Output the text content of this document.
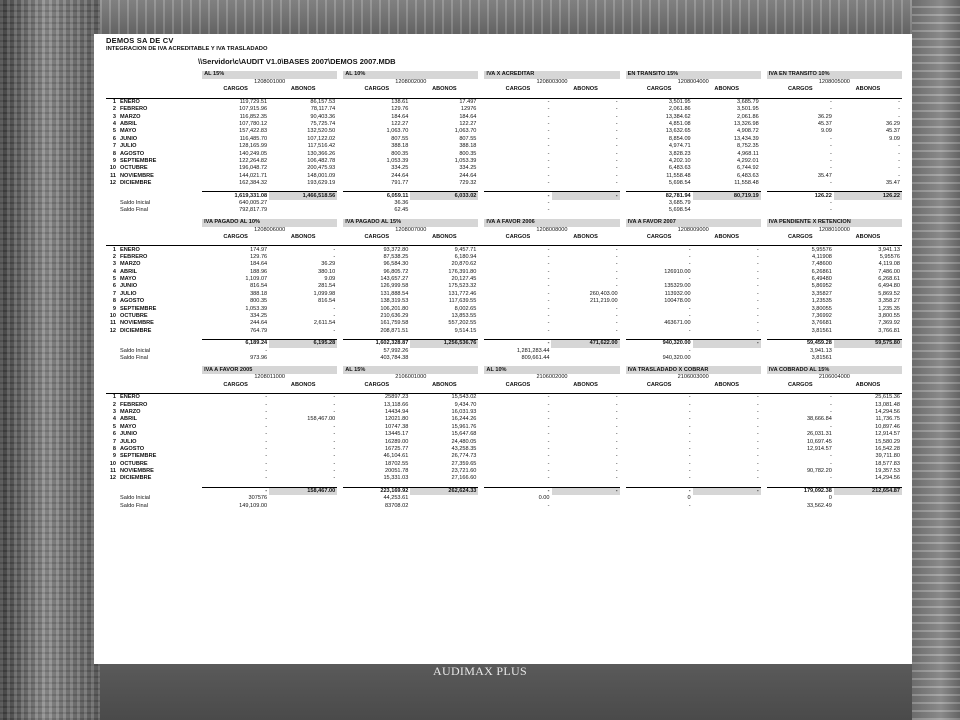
DEMOS SA DE CV
INTEGRACION DE IVA ACREDITABLE Y IVA TRASLADADO
\\Servidor\c\AUDIT V1.0\BASES 2007\DEMOS 2007.MDB
			AL 15%			AL 10%			IVA X ACREDITAR			EN TRANSITO 15%			IVA EN TRANSITO 10%	
			1208001000			1208002000			1208003000			1208004000			1208005000	
			CARGOS	ABONOS		CARGOS	ABONOS		CARGOS	ABONOS		CARGOS	ABONOS		CARGOS	ABONOS

1	ENERO		119,729.51	86,157.53		138.61	17.497		-	-		3,501.95	3,685.79		-	-
2	FEBRERO		107,915.96	78,117.74		129.76	12976		-	-		2,061.86	3,501.95		-	-
3	MARZO		116,852.35	90,403.36		184.64	184.64		-	-		13,384.62	2,061.86		36.29	-
4	ABRIL		107,780.12	75,725.74		122.27	122.27		-	-		4,851.08	13,326.98		45.37	36.29
5	MAYO		157,422.83	132,520.50		1,063.70	1,063.70		-	-		13,632.65	4,908.72		9.09	45.37
6	JUNIO		116,485.70	107,122.02		807.55	807.55		-	-		8,854.09	13,434.39		-	9.09
7	JULIO		128,165.99	117,516.42		388.18	388.18		-	-		4,974.71	8,752.35		-	-
8	AGOSTO		140,249.05	130,366.26		800.35	800.35		-	-		3,828.23	4,968.11		-	-
9	SEPTIEMBRE		122,264.82	106,482.78		1,053.39	1,053.39		-	-		4,202.10	4,292.01		-	-
10	OCTUBRE		196,048.72	200,475.93		334.25	334.25		-	-		6,483.63	6,744.92		-	-
11	NOVIEMBRE		144,021.71	148,001.09		244.64	244.64		-	-		11,558.48	6,483.63		35.47	-
12	DICIEMBRE		162,384.32	193,629.19		791.77	729.32		-	-		5,698.54	11,558.48		-	35.47

			1,619,331.08	1,466,518.56		6,059.11	6,033.02		-	-		82,781.94	80,719.19		126.22	126.22
	Saldo Inicial		640,005.27			36.36			-			3,685.79			-	
	Saldo Final		792,817.79			62.45			-			5,698.54			-	
			IVA PAGADO AL 10%			IVA PAGADO AL 15%			IVA A FAVOR 2006			IVA A FAVOR 2007			IVA PENDIENTE X RETENCION	
			1208006000			1208007000			1208008000			1208009000			1208010000	
			CARGOS	ABONOS		CARGOS	ABONOS		CARGOS	ABONOS		CARGOS	ABONOS		CARGOS	ABONOS

1	ENERO		174.97	-		93,372.80	9,457.71		-	-		-	-		5,95576	3,941.13
2	FEBRERO		129.76	-		87,538.25	6,180.94		-	-		-	-		4,11908	5,95576
3	MARZO		184.64	36.29		96,584.30	20,870.62		-	-		-	-		7,48600	4,119.08
4	ABRIL		188.96	380.10		96,805.72	176,391.80		-	-		126910.00	-		6,26861	7,486.00
5	MAYO		1,109.07	9.09		143,657.27	20,127.45		-	-		-	-		6,49480	6,268.61
6	JUNIO		816.54	281.54		126,999.58	175,523.32		-	-		135329.00	-		5,86952	6,494.80
7	JULIO		388.18	1,099.98		131,888.54	131,772.46		-	260,403.00		113932.00	-		3,35827	5,869.52
8	AGOSTO		800.35	816.54		138,319.53	117,639.55		-	211,219.00		100478.00	-		1,23535	3,358.27
9	SEPTIEMBRE		1,053.39	-		106,201.80	8,002.65		-	-		-	-		3,80055	1,235.35
10	OCTUBRE		334.25	-		210,636.29	13,853.55		-	-		-	-		7,36992	3,800.55
11	NOVIEMBRE		244.64	2,611.54		161,759.58	557,202.55		-	-		463671.00	-		3,76681	7,369.92
12	DICIEMBRE		764.79	-		208,871.51	9,514.15		-	-		-	-		3,81561	3,766.81

			6,189.24	6,195.28		1,602,328.87	1,256,536.76		-	471,622.00		940,320.00	-		59,459.28	59,575.80
	Saldo Inicial		-			57,992.26			1,281,283.44			-			3,941.13	
	Saldo Final		973.96			403,784.38			809,661.44			940,320.00			3,81561	
			IVA A FAVOR 2005			AL 15%			AL 10%			IVA TRASLADADO X COBRAR			IVA COBRADO AL 15%	
			1208011000			2106001000			2106002000			2106003000			2106004000	
			CARGOS	ABONOS		CARGOS	ABONOS		CARGOS	ABONOS		CARGOS	ABONOS		CARGOS	ABONOS

1	ENERO		-	-		25897.23	15,543.02		-	-		-	-		-	25,615.36
2	FEBRERO		-	-		13,118.66	9,434.70		-	-		-	-		-	13,081.48
3	MARZO		-	-		14434.94	16,031.93		-	-		-	-		-	14,294.56
4	ABRIL		-	158,467.00		12021.80	16,244.26		-	-		-	-		38,666.84	11,736.75
5	MAYO		-	-		10747.38	15,961.76		-	-		-	-		-	10,897.46
6	JUNIO		-	-		13445.17	15,647.68		-	-		-	-		26,031.31	12,914.57
7	JULIO		-	-		16289.00	24,480.05		-	-		-	-		10,697.45	15,580.29
8	AGOSTO		-	-		16725.77	43,258.35		-	-		-	-		12,914.57	16,542.28
9	SEPTIEMBRE		-	-		46,104.61	26,774.73		-	-		-	-		-	39,711.80
10	OCTUBRE		-	-		18702.55	27,359.65		-	-		-	-		-	18,577.83
11	NOVIEMBRE		-	-		20051.78	23,721.60		-	-		-	-		90,782.20	19,357.53
12	DICIEMBRE		-	-		15,331.03	27,166.60		-	-		-	-		-	14,294.56

			-	158,467.00		223,169.92	262,624.33		-	-		-	-		179,092.38	212,654.87
	Saldo Inicial		307576			44,253.61			0.00			0			0	
	Saldo Final		149,109.00			83708.02			-			-			33,562.49	
AUDIMAX PLUS
